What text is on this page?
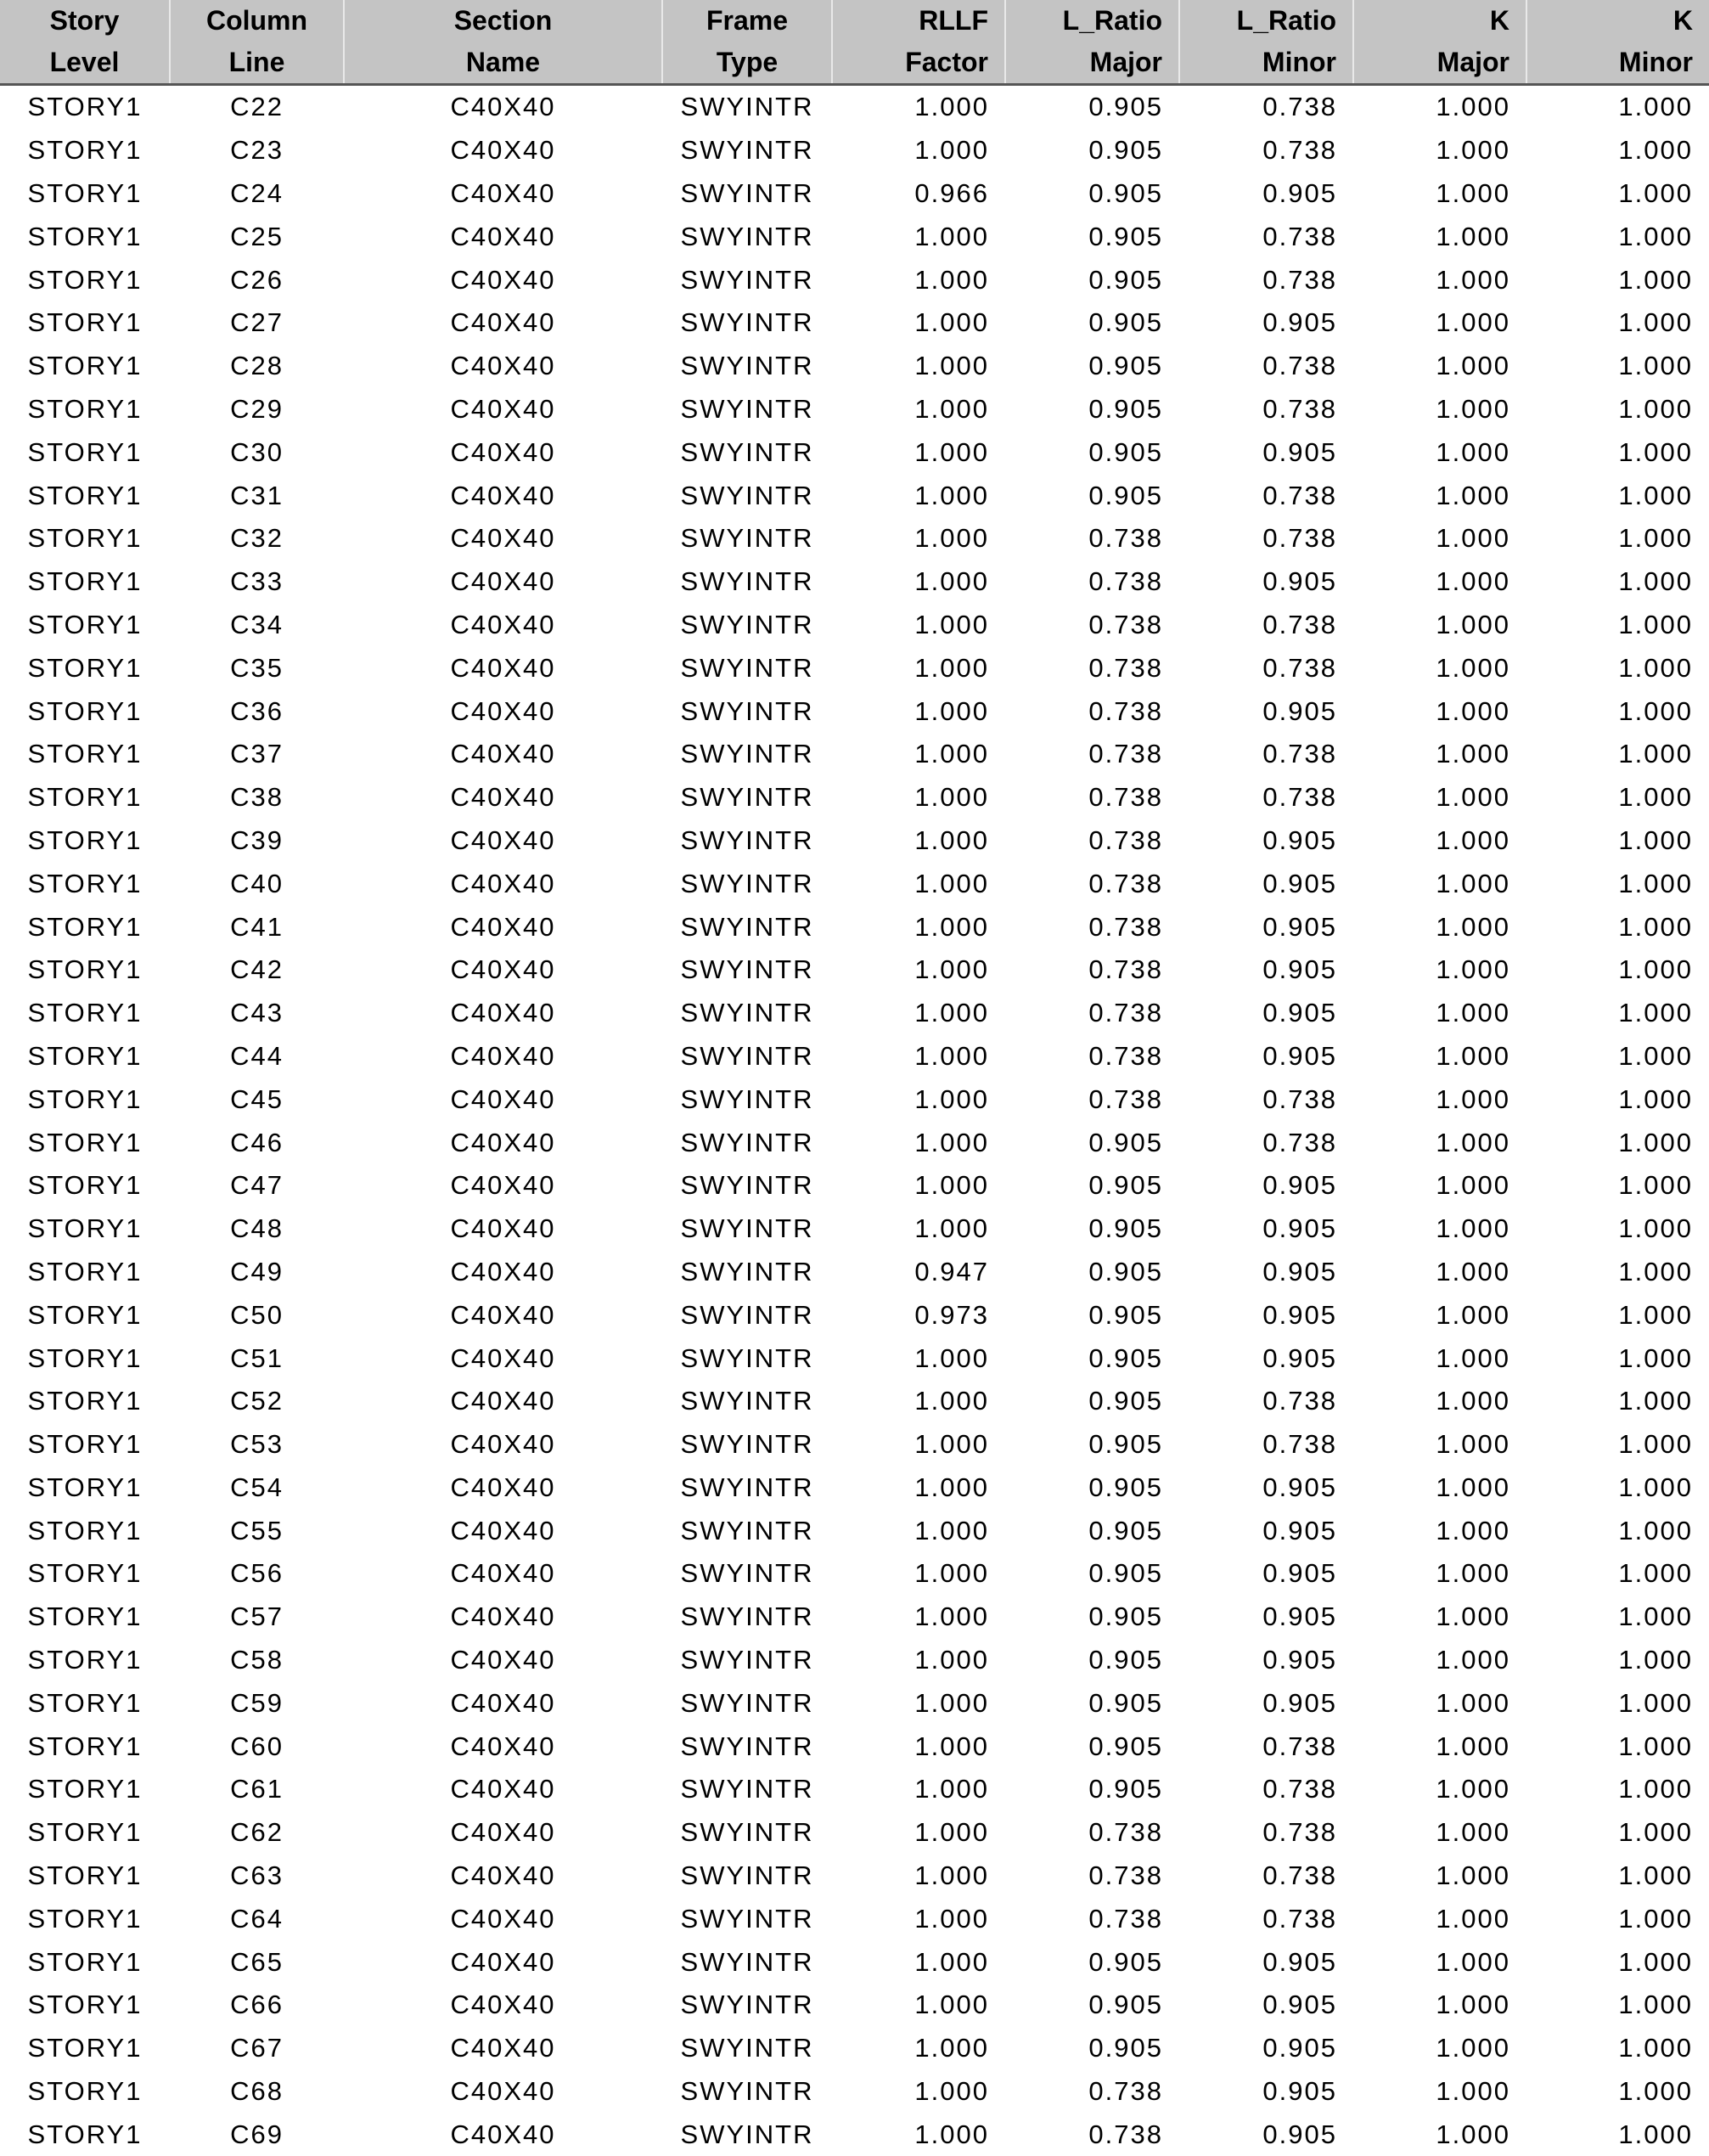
Story	Column	Section	Frame	RLLF	L_Ratio	L_Ratio	K	K
Level	Line	Name	Type	Factor	Major	Minor	Major	Minor
STORY1	C22	C40X40	SWYINTR	1.000	0.905	0.738	1.000	1.000
STORY1	C23	C40X40	SWYINTR	1.000	0.905	0.738	1.000	1.000
STORY1	C24	C40X40	SWYINTR	0.966	0.905	0.905	1.000	1.000
STORY1	C25	C40X40	SWYINTR	1.000	0.905	0.738	1.000	1.000
STORY1	C26	C40X40	SWYINTR	1.000	0.905	0.738	1.000	1.000
STORY1	C27	C40X40	SWYINTR	1.000	0.905	0.905	1.000	1.000
STORY1	C28	C40X40	SWYINTR	1.000	0.905	0.738	1.000	1.000
STORY1	C29	C40X40	SWYINTR	1.000	0.905	0.738	1.000	1.000
STORY1	C30	C40X40	SWYINTR	1.000	0.905	0.905	1.000	1.000
STORY1	C31	C40X40	SWYINTR	1.000	0.905	0.738	1.000	1.000
STORY1	C32	C40X40	SWYINTR	1.000	0.738	0.738	1.000	1.000
STORY1	C33	C40X40	SWYINTR	1.000	0.738	0.905	1.000	1.000
STORY1	C34	C40X40	SWYINTR	1.000	0.738	0.738	1.000	1.000
STORY1	C35	C40X40	SWYINTR	1.000	0.738	0.738	1.000	1.000
STORY1	C36	C40X40	SWYINTR	1.000	0.738	0.905	1.000	1.000
STORY1	C37	C40X40	SWYINTR	1.000	0.738	0.738	1.000	1.000
STORY1	C38	C40X40	SWYINTR	1.000	0.738	0.738	1.000	1.000
STORY1	C39	C40X40	SWYINTR	1.000	0.738	0.905	1.000	1.000
STORY1	C40	C40X40	SWYINTR	1.000	0.738	0.905	1.000	1.000
STORY1	C41	C40X40	SWYINTR	1.000	0.738	0.905	1.000	1.000
STORY1	C42	C40X40	SWYINTR	1.000	0.738	0.905	1.000	1.000
STORY1	C43	C40X40	SWYINTR	1.000	0.738	0.905	1.000	1.000
STORY1	C44	C40X40	SWYINTR	1.000	0.738	0.905	1.000	1.000
STORY1	C45	C40X40	SWYINTR	1.000	0.738	0.738	1.000	1.000
STORY1	C46	C40X40	SWYINTR	1.000	0.905	0.738	1.000	1.000
STORY1	C47	C40X40	SWYINTR	1.000	0.905	0.905	1.000	1.000
STORY1	C48	C40X40	SWYINTR	1.000	0.905	0.905	1.000	1.000
STORY1	C49	C40X40	SWYINTR	0.947	0.905	0.905	1.000	1.000
STORY1	C50	C40X40	SWYINTR	0.973	0.905	0.905	1.000	1.000
STORY1	C51	C40X40	SWYINTR	1.000	0.905	0.905	1.000	1.000
STORY1	C52	C40X40	SWYINTR	1.000	0.905	0.738	1.000	1.000
STORY1	C53	C40X40	SWYINTR	1.000	0.905	0.738	1.000	1.000
STORY1	C54	C40X40	SWYINTR	1.000	0.905	0.905	1.000	1.000
STORY1	C55	C40X40	SWYINTR	1.000	0.905	0.905	1.000	1.000
STORY1	C56	C40X40	SWYINTR	1.000	0.905	0.905	1.000	1.000
STORY1	C57	C40X40	SWYINTR	1.000	0.905	0.905	1.000	1.000
STORY1	C58	C40X40	SWYINTR	1.000	0.905	0.905	1.000	1.000
STORY1	C59	C40X40	SWYINTR	1.000	0.905	0.905	1.000	1.000
STORY1	C60	C40X40	SWYINTR	1.000	0.905	0.738	1.000	1.000
STORY1	C61	C40X40	SWYINTR	1.000	0.905	0.738	1.000	1.000
STORY1	C62	C40X40	SWYINTR	1.000	0.738	0.738	1.000	1.000
STORY1	C63	C40X40	SWYINTR	1.000	0.738	0.738	1.000	1.000
STORY1	C64	C40X40	SWYINTR	1.000	0.738	0.738	1.000	1.000
STORY1	C65	C40X40	SWYINTR	1.000	0.905	0.905	1.000	1.000
STORY1	C66	C40X40	SWYINTR	1.000	0.905	0.905	1.000	1.000
STORY1	C67	C40X40	SWYINTR	1.000	0.905	0.905	1.000	1.000
STORY1	C68	C40X40	SWYINTR	1.000	0.738	0.905	1.000	1.000
STORY1	C69	C40X40	SWYINTR	1.000	0.738	0.905	1.000	1.000
